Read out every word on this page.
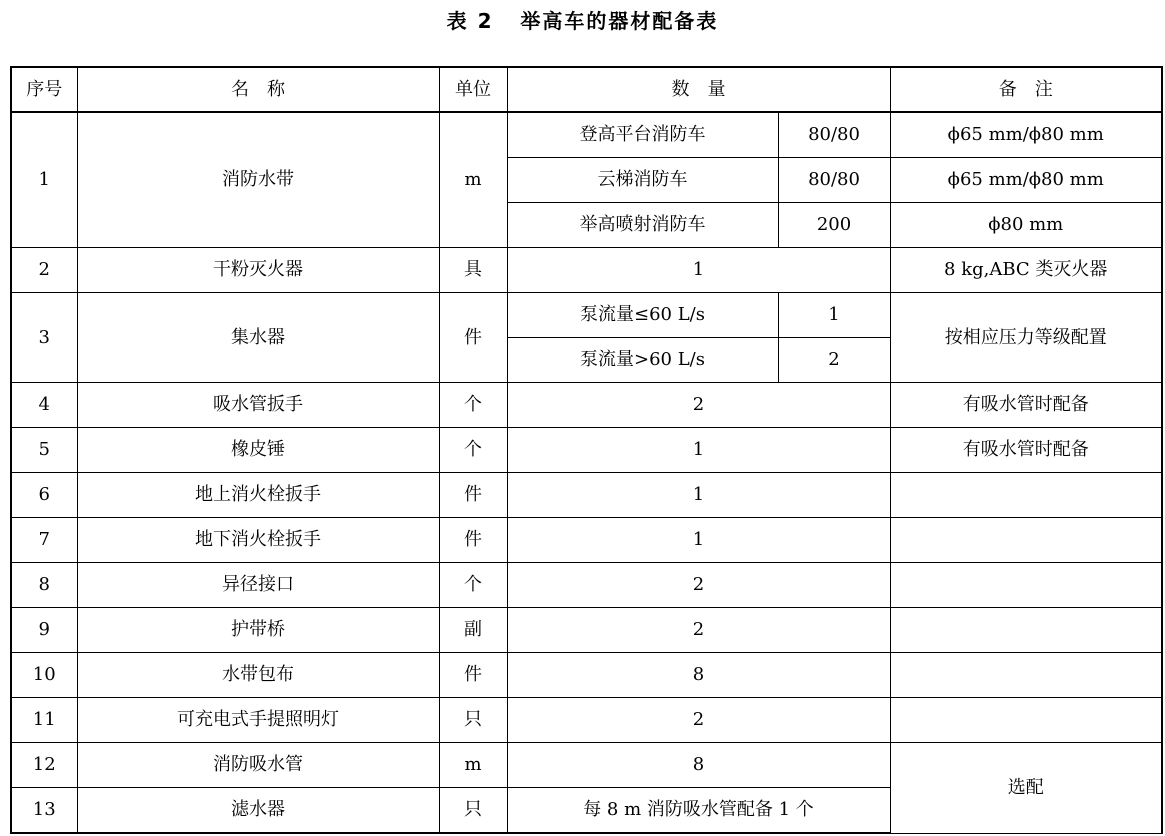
表 2   举高车的器材配备表
序号	名　称	单位	数　量		备　注
1	消防水带	m	登高平台消防车	80/80	ϕ65 mm/ϕ80 mm
			云梯消防车	80/80	ϕ65 mm/ϕ80 mm
			举高喷射消防车	200	ϕ80 mm
2	干粉灭火器	具	1		8 kg,ABC 类灭火器
3	集水器	件	泵流量≤60 L/s	1	按相应压力等级配置
			泵流量>60 L/s	2	
4	吸水管扳手	个	2		有吸水管时配备
5	橡皮锤	个	1		有吸水管时配备
6	地上消火栓扳手	件	1		
7	地下消火栓扳手	件	1		
8	异径接口	个	2		
9	护带桥	副	2		
10	水带包布	件	8		
11	可充电式手提照明灯	只	2		
12	消防吸水管	m	8		选配
13	滤水器	只	每 8 m 消防吸水管配备 1 个		
